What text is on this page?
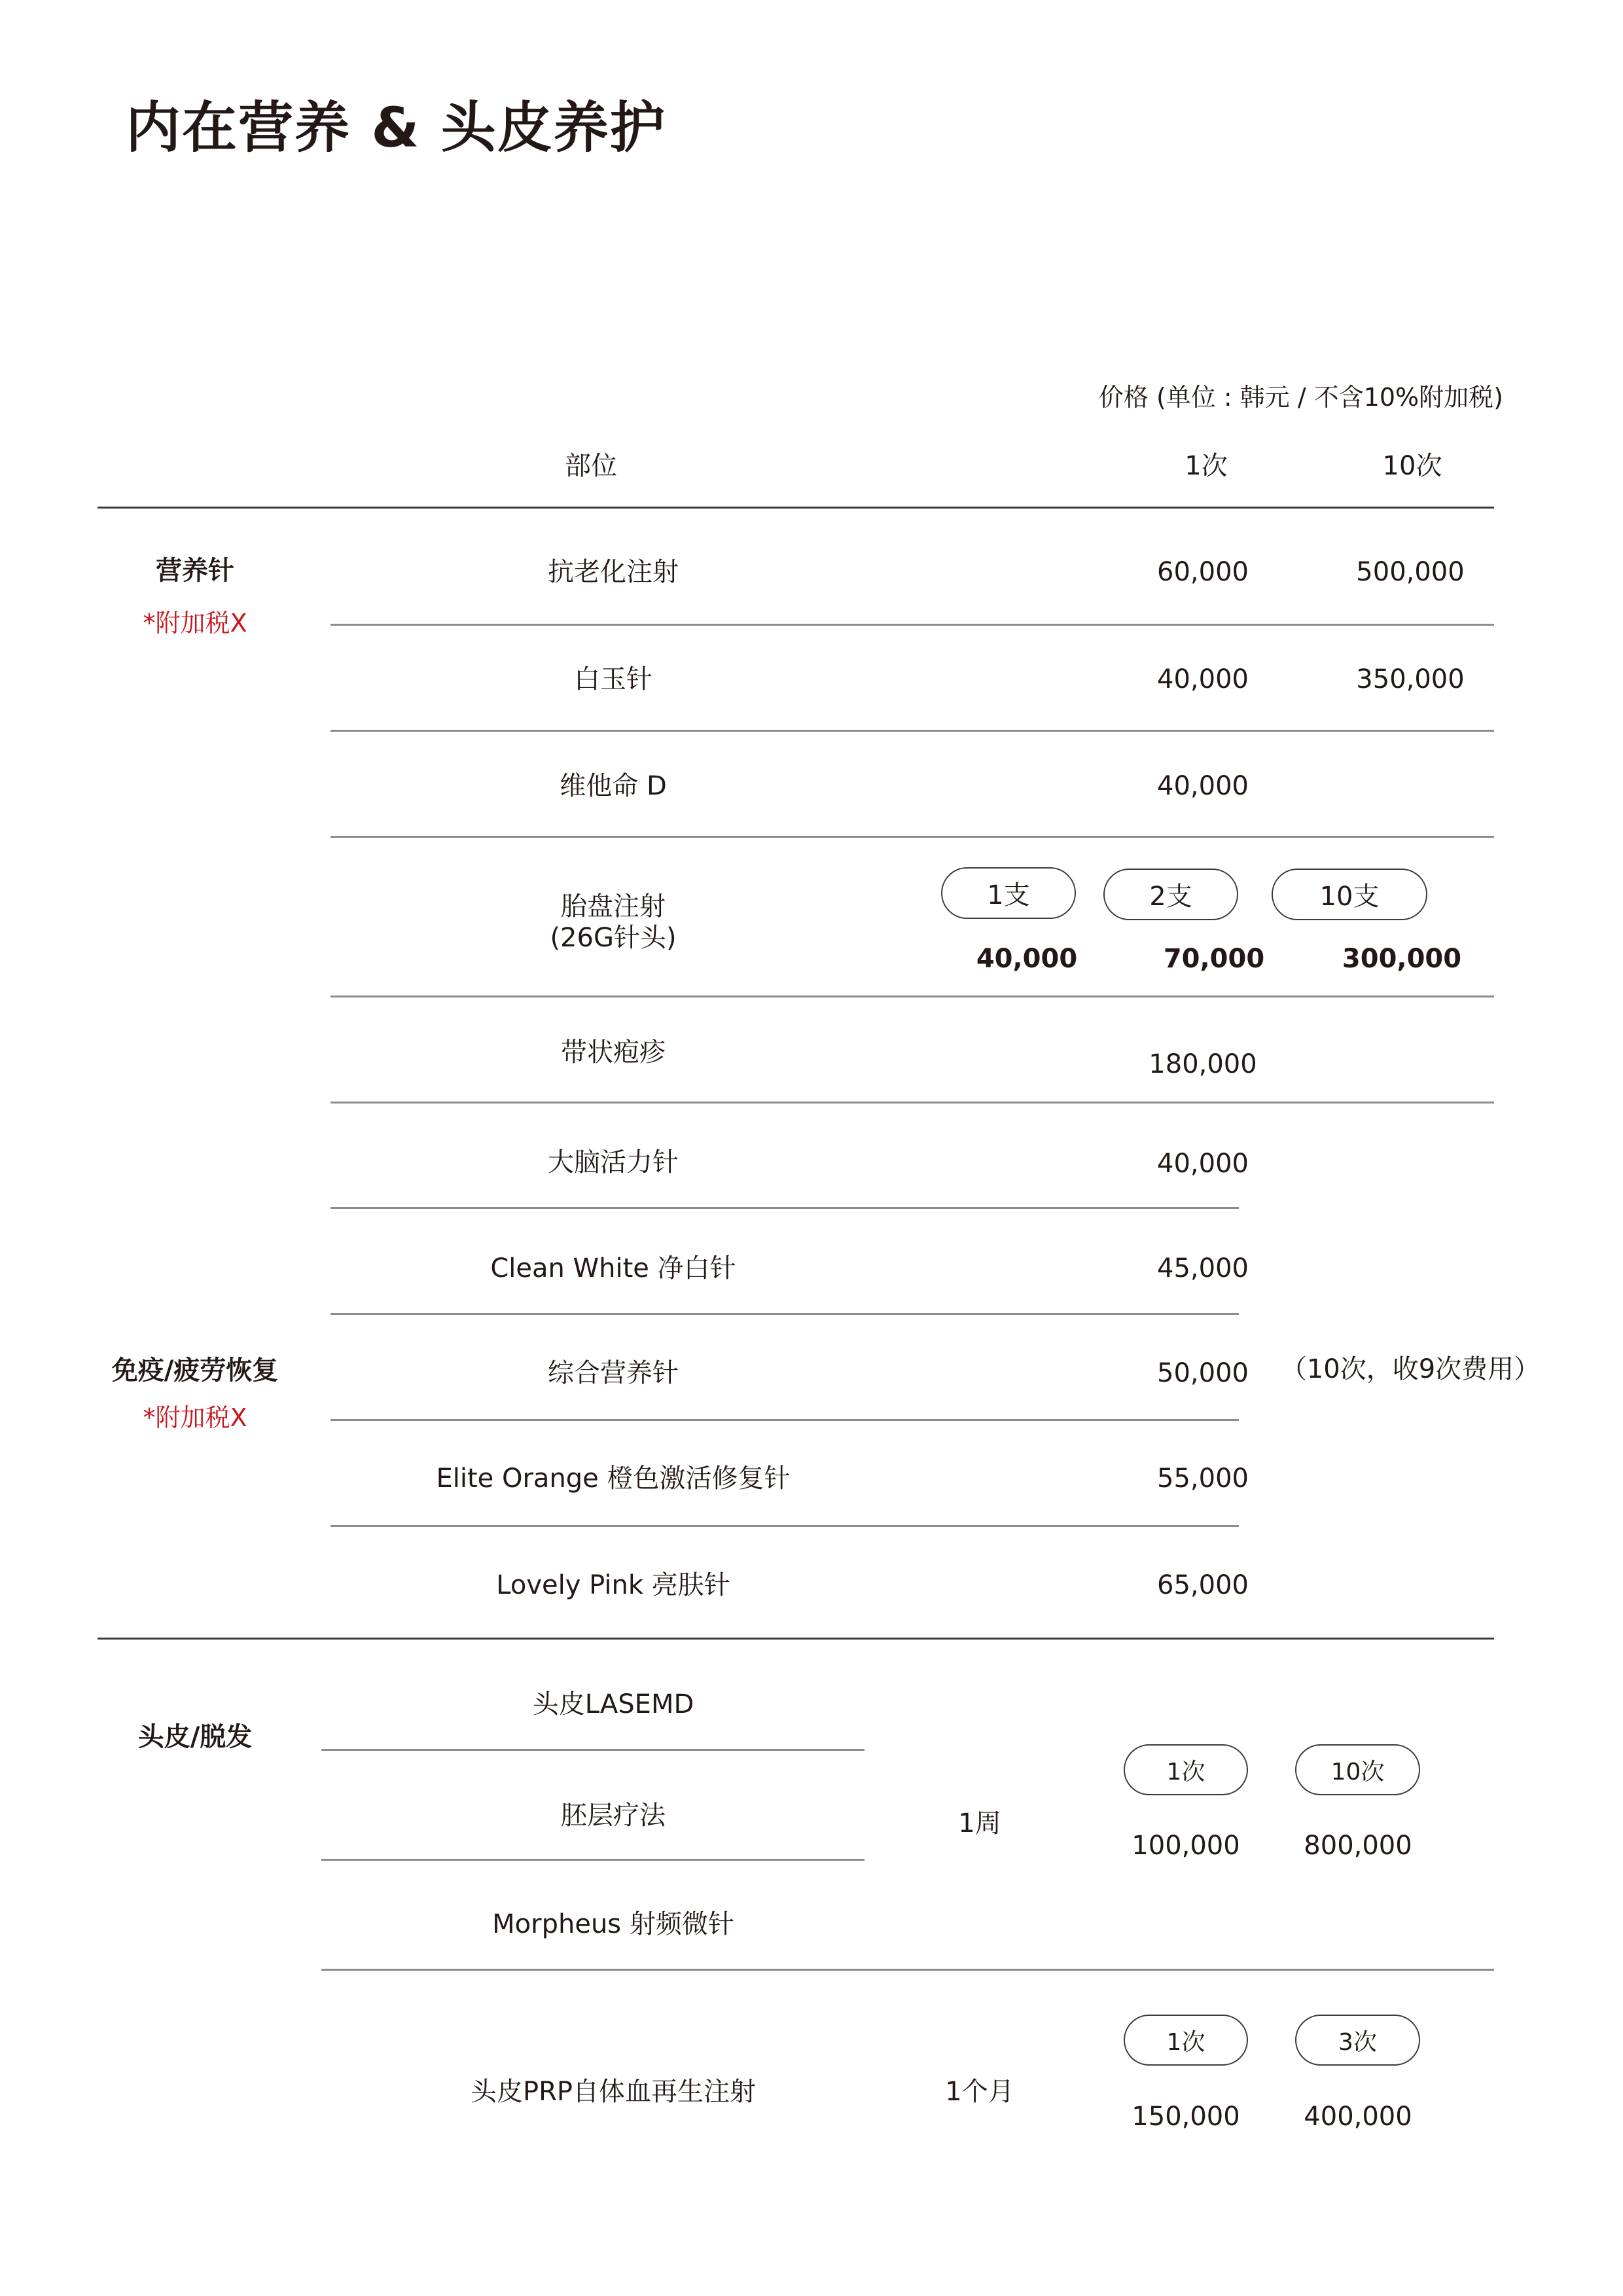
内在营养 & 头皮养护
价格 (单位 : 韩元 / 不含10%附加税)
部位	1次	10次
营养针
*附加税X
抗老化注射	60,000	500,000
白玉针	40,000	350,000
维他命 D	40,000
胎盘注射
(26G针头)
1支	2支	10支
40,000	70,000	300,000
带状疱疹	180,000
免疫/疲劳恢复
*附加税X
大脑活力针	40,000
Clean White 净白针	45,000
综合营养针	50,000
Elite Orange 橙色激活修复针	55,000
Lovely Pink 亮肤针	65,000
（10次，收9次费用）
头皮/脱发
头皮LASEMD
胚层疗法
Morpheus 射频微针
1周
1次	10次
100,000 800,000
头皮PRP自体血再生注射	1个月
1次	3次
150,000 400,000
